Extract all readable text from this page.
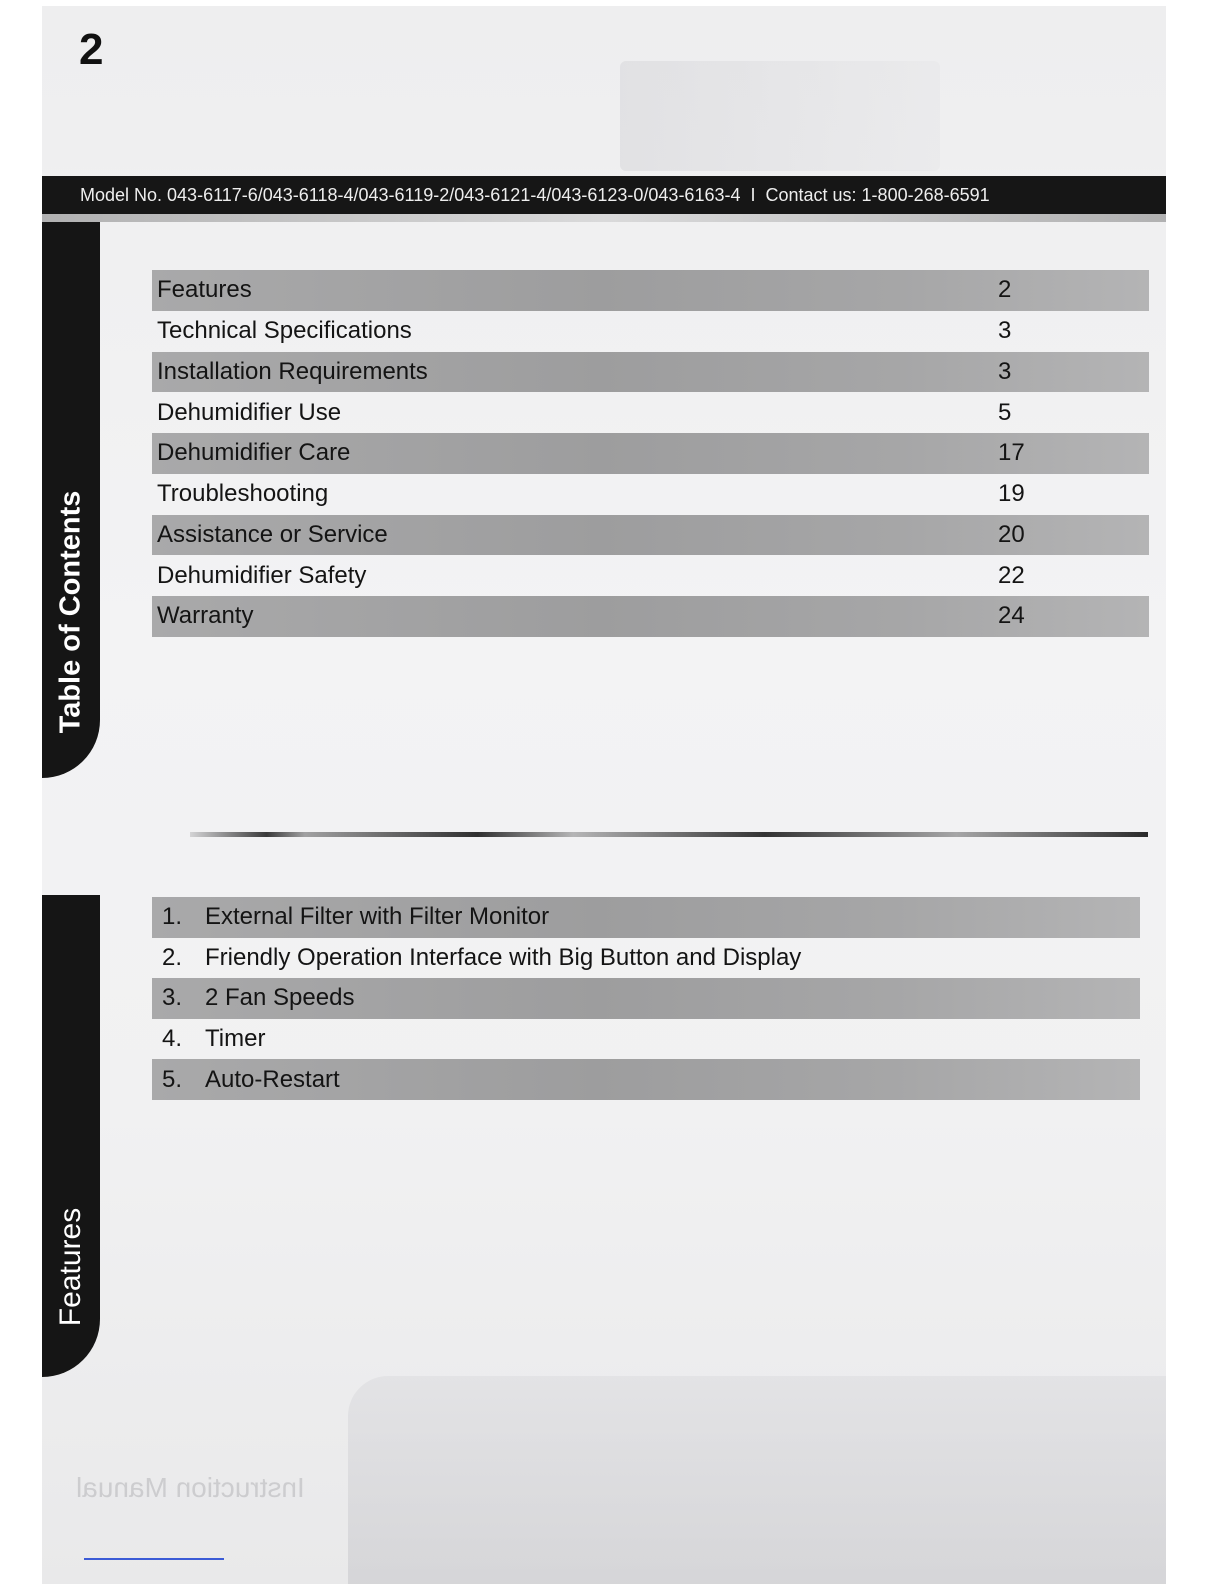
2
Model No. 043-6117-6/043-6118-4/043-6119-2/043-6121-4/043-6123-0/043-6163-4 I Contact us: 1-800-268-6591
Table of Contents
Features	2
Technical Specifications	3
Installation Requirements	3
Dehumidifier Use	5
Dehumidifier Care	17
Troubleshooting	19
Assistance or Service	20
Dehumidifier Safety	22
Warranty	24
Features
1. External Filter with Filter Monitor
2. Friendly Operation Interface with Big Button and Display
3. 2 Fan Speeds
4. Timer
5. Auto-Restart
Instruction Manual
